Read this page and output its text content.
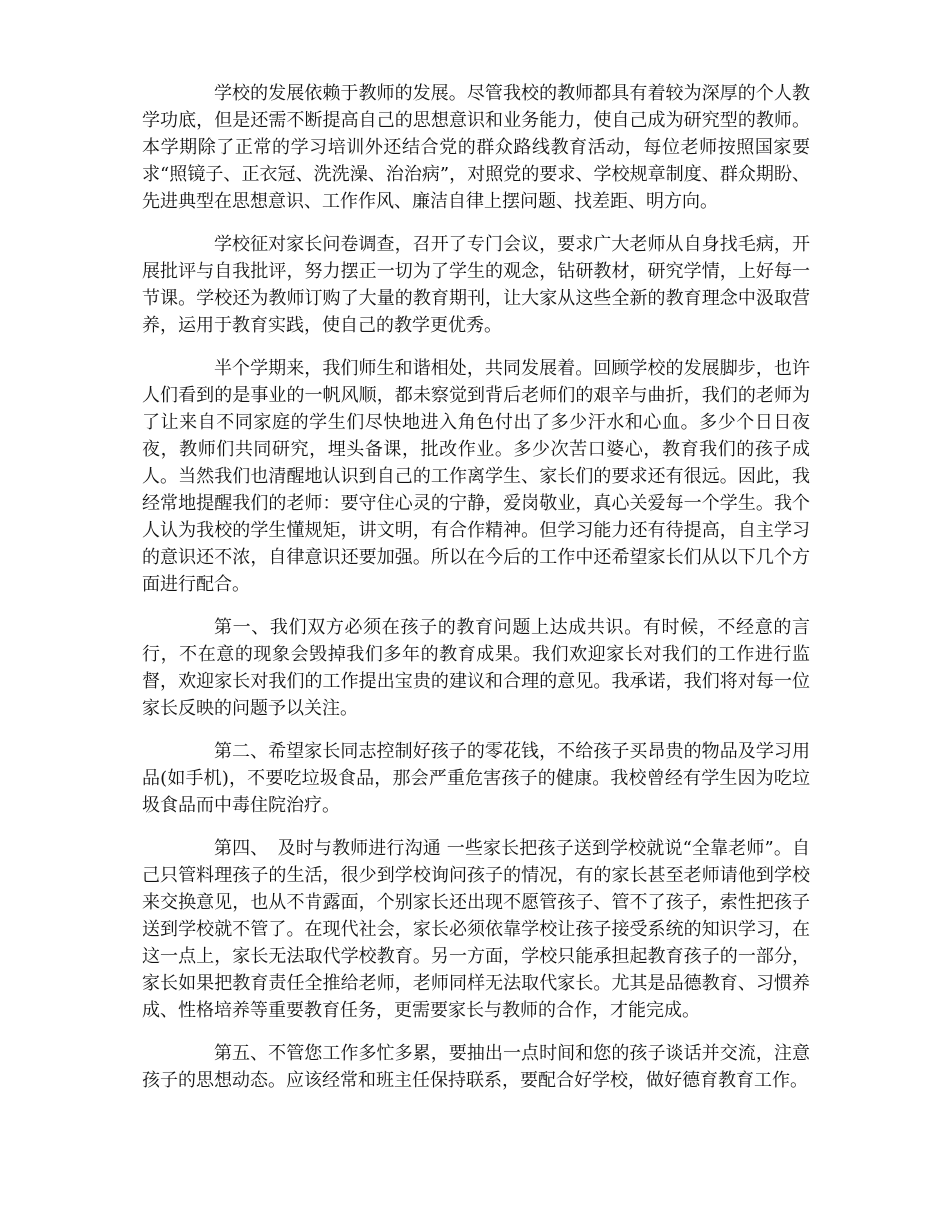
学校的发展依赖于教师的发展。尽管我校的教师都具有着较为深厚的个人教学功底，但是还需不断提高自己的思想意识和业务能力，使自己成为研究型的教师。本学期除了正常的学习培训外还结合党的群众路线教育活动，每位老师按照国家要求“照镜子、正衣冠、洗洗澡、治治病”，对照党的要求、学校规章制度、群众期盼、先进典型在思想意识、工作作风、廉洁自律上摆问题、找差距、明方向。

学校征对家长问卷调查，召开了专门会议，要求广大老师从自身找毛病，开展批评与自我批评，努力摆正一切为了学生的观念，钻研教材，研究学情，上好每一节课。学校还为教师订购了大量的教育期刊，让大家从这些全新的教育理念中汲取营养，运用于教育实践，使自己的教学更优秀。

半个学期来，我们师生和谐相处，共同发展着。回顾学校的发展脚步，也许人们看到的是事业的一帆风顺，都未察觉到背后老师们的艰辛与曲折，我们的老师为了让来自不同家庭的学生们尽快地进入角色付出了多少汗水和心血。多少个日日夜夜，教师们共同研究，埋头备课，批改作业。多少次苦口婆心，教育我们的孩子成人。当然我们也清醒地认识到自己的工作离学生、家长们的要求还有很远。因此，我经常地提醒我们的老师：要守住心灵的宁静，爱岗敬业，真心关爱每一个学生。我个人认为我校的学生懂规矩，讲文明，有合作精神。但学习能力还有待提高，自主学习的意识还不浓，自律意识还要加强。所以在今后的工作中还希望家长们从以下几个方面进行配合。

第一、我们双方必须在孩子的教育问题上达成共识。有时候，不经意的言行，不在意的现象会毁掉我们多年的教育成果。我们欢迎家长对我们的工作进行监督，欢迎家长对我们的工作提出宝贵的建议和合理的意见。我承诺，我们将对每一位家长反映的问题予以关注。

第二、希望家长同志控制好孩子的零花钱，不给孩子买昂贵的物品及学习用品(如手机)，不要吃垃圾食品，那会严重危害孩子的健康。我校曾经有学生因为吃垃圾食品而中毒住院治疗。

第四、　及时与教师进行沟通 一些家长把孩子送到学校就说“全靠老师”。自己只管料理孩子的生活，很少到学校询问孩子的情况，有的家长甚至老师请他到学校来交换意见，也从不肯露面，个别家长还出现不愿管孩子、管不了孩子，索性把孩子送到学校就不管了。在现代社会，家长必须依靠学校让孩子接受系统的知识学习，在这一点上，家长无法取代学校教育。另一方面，学校只能承担起教育孩子的一部分，家长如果把教育责任全推给老师，老师同样无法取代家长。尤其是品德教育、习惯养成、性格培养等重要教育任务，更需要家长与教师的合作，才能完成。

第五、不管您工作多忙多累，要抽出一点时间和您的孩子谈话并交流，注意孩子的思想动态。应该经常和班主任保持联系，要配合好学校，做好德育教育工作。
